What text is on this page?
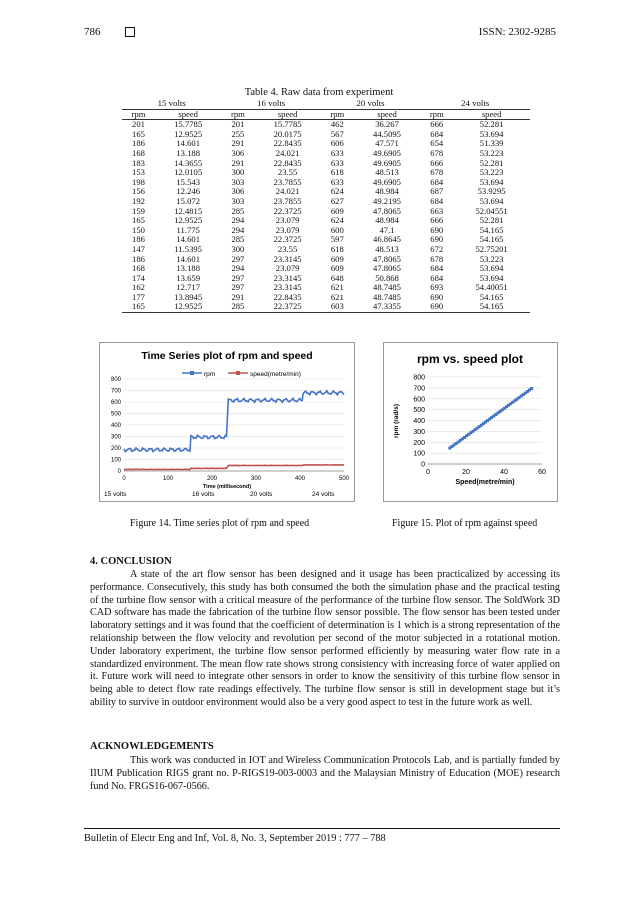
786	ISSN: 2302-9285
Table 4. Raw data from experiment
15 volts		16 volts		20 volts		24 volts	
rpm	speed	rpm	speed	rpm	speed	rpm	speed
201	15.7785	201	15.7785	462	36.267	666	52.281
165	12.9525	255	20.0175	567	44.5095	684	53.694
186	14.601	291	22.8435	606	47.571	654	51.339
168	13.188	306	24.021	633	49.6905	678	53.223
183	14.3655	291	22.8435	633	49.6905	666	52.281
153	12.0105	300	23.55	618	48.513	678	53.223
198	15.543	303	23.7855	633	49.6905	684	53.694
156	12.246	306	24.021	624	48.984	687	53.9295
192	15.072	303	23.7855	627	49.2195	684	53.694
159	12.4815	285	22.3725	609	47.8065	663	52.04551
165	12.9525	294	23.079	624	48.984	666	52.281
150	11.775	294	23.079	600	47.1	690	54.165
186	14.601	285	22.3725	597	46.8645	690	54.165
147	11.5395	300	23.55	618	48.513	672	52.75201
186	14.601	297	23.3145	609	47.8065	678	53.223
168	13.188	294	23.079	609	47.8065	684	53.694
174	13.659	297	23.3145	648	50.868	684	53.694
162	12.717	297	23.3145	621	48.7485	693	54.40051
177	13.8945	291	22.8435	621	48.7485	690	54.165
165	12.9525	285	22.3725	603	47.3355	690	54.165
Time Series plot of rpm and speed
rpm	speed(metre/min)
0
100
200
300
400
500
600
700
800
0	100	200	300	400	500
Time (millisecond)
15 volts	16 volts	20 volts	24 volts
rpm vs. speed plot
0
100
200
300
400
500
600
700
800
0	20	40	60
Speed(metre/min)
rpm (rad/s)
Figure 14. Time series plot of rpm and speed	Figure 15. Plot of rpm against speed
4. CONCLUSION

A state of the art flow sensor has been designed and it usage has been practicalized by accessing its performance. Consecutively, this study has both consumed the both the simulation phase and the practical testing of the turbine flow sensor with a critical measure of the performance of the turbine flow sensor. The SoldWork 3D CAD software has made the fabrication of the turbine flow sensor possible. The flow sensor has been tested under laboratory settings and it was found that the coefficient of determination is 1 which is a strong representation of the relationship between the flow velocity and revolution per second of the motor subjected in a rotational motion. Under laboratory experiment, the turbine flow sensor performed efficiently by measuring water flow rate in a standardized environment. The mean flow rate shows strong consistency with increasing force of water applied on it. Future work will need to integrate other sensors in order to know the sensitivity of this turbine flow sensor in being able to detect flow rate readings effectively. The turbine flow sensor is still in development stage but it’s ability to survive in outdoor environment would also be a very good aspect to test in the future work as well.

ACKNOWLEDGEMENTS

This work was conducted in IOT and Wireless Communication Protocols Lab, and is partially funded by IIUM Publication RIGS grant no. P-RIGS19-003-0003 and the Malaysian Ministry of Education (MOE) research fund No. FRGS16-067-0566.

Bulletin of Electr Eng and Inf, Vol. 8, No. 3, September 2019 : 777 – 788
